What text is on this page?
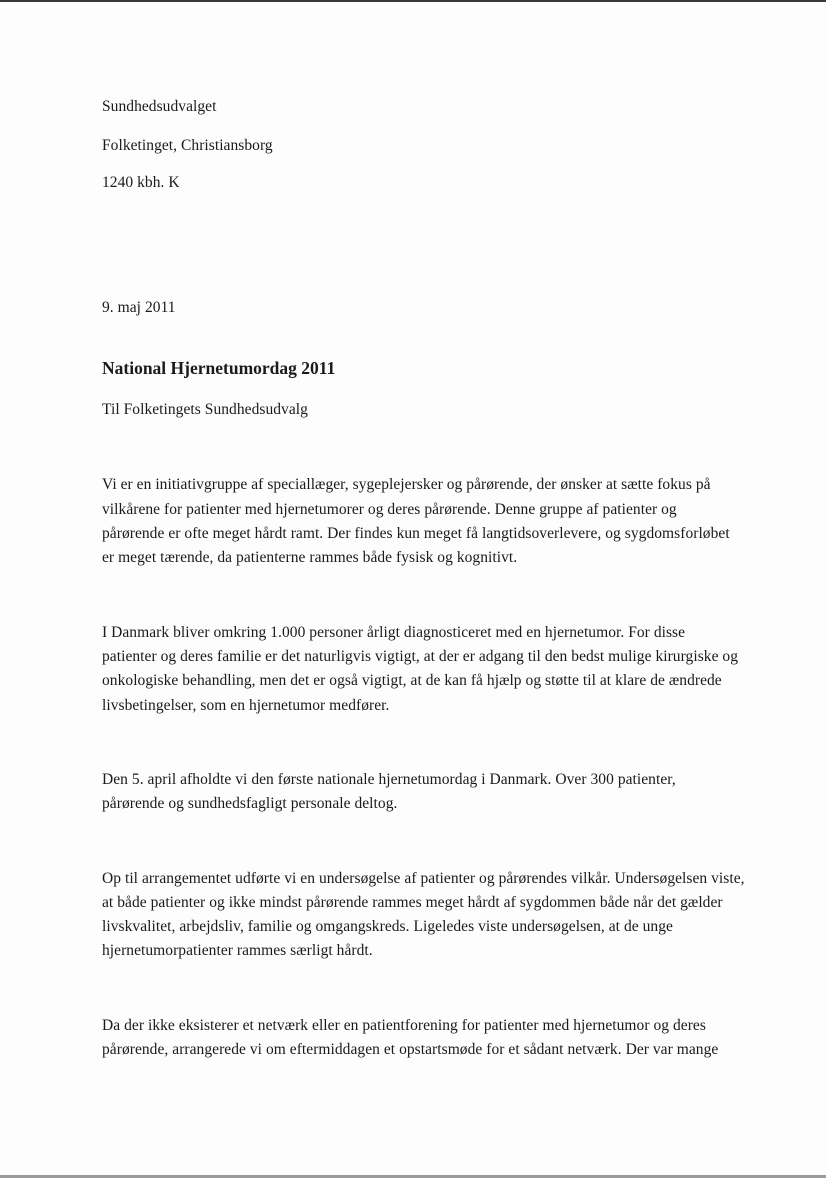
Sundhedsudvalget
Folketinget, Christiansborg
1240 kbh. K
9. maj 2011
National Hjernetumordag 2011
Til Folketingets Sundhedsudvalg
Vi er en initiativgruppe af speciallæger, sygeplejersker og pårørende, der ønsker at sætte fokus på
vilkårene for patienter med hjernetumorer og deres pårørende. Denne gruppe af patienter og
pårørende er ofte meget hårdt ramt. Der findes kun meget få langtidsoverlevere, og sygdomsforløbet
er meget tærende, da patienterne rammes både fysisk og kognitivt.
I Danmark bliver omkring 1.000 personer årligt diagnosticeret med en hjernetumor. For disse
patienter og deres familie er det naturligvis vigtigt, at der er adgang til den bedst mulige kirurgiske og
onkologiske behandling, men det er også vigtigt, at de kan få hjælp og støtte til at klare de ændrede
livsbetingelser, som en hjernetumor medfører.
Den 5. april afholdte vi den første nationale hjernetumordag i Danmark. Over 300 patienter,
pårørende og sundhedsfagligt personale deltog.
Op til arrangementet udførte vi en undersøgelse af patienter og pårørendes vilkår. Undersøgelsen viste,
at både patienter og ikke mindst pårørende rammes meget hårdt af sygdommen både når det gælder
livskvalitet, arbejdsliv, familie og omgangskreds. Ligeledes viste undersøgelsen, at de unge
hjernetumorpatienter rammes særligt hårdt.
Da der ikke eksisterer et netværk eller en patientforening for patienter med hjernetumor og deres
pårørende, arrangerede vi om eftermiddagen et opstartsmøde for et sådant netværk. Der var mange
